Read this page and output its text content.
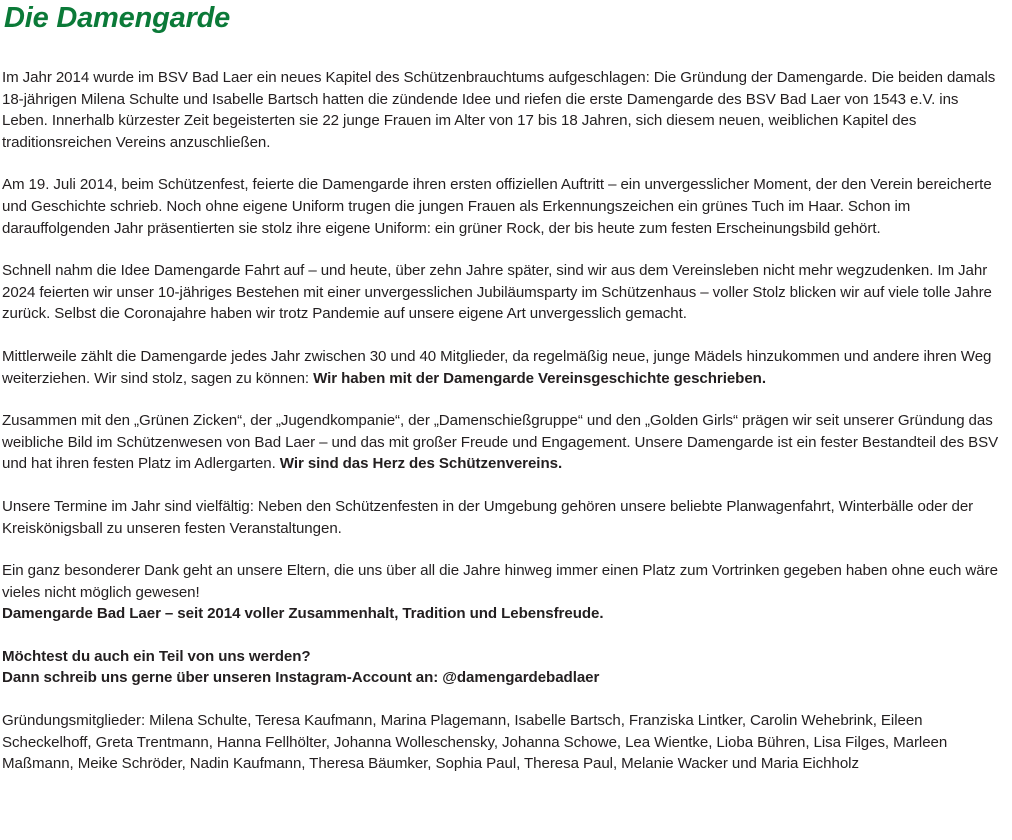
Die Damengarde

Im Jahr 2014 wurde im BSV Bad Laer ein neues Kapitel des Schützenbrauchtums aufgeschlagen: Die Gründung der Damengarde. Die beiden damals 18-jährigen Milena Schulte und Isabelle Bartsch hatten die zündende Idee und riefen die erste Damengarde des BSV Bad Laer von 1543 e.V. ins Leben. Innerhalb kürzester Zeit begeisterten sie 22 junge Frauen im Alter von 17 bis 18 Jahren, sich diesem neuen, weiblichen Kapitel des traditionsreichen Vereins anzuschließen.

Am 19. Juli 2014, beim Schützenfest, feierte die Damengarde ihren ersten offiziellen Auftritt – ein unvergesslicher Moment, der den Verein bereicherte und Geschichte schrieb. Noch ohne eigene Uniform trugen die jungen Frauen als Erkennungszeichen ein grünes Tuch im Haar. Schon im darauffolgenden Jahr präsentierten sie stolz ihre eigene Uniform: ein grüner Rock, der bis heute zum festen Erscheinungsbild gehört.

Schnell nahm die Idee Damengarde Fahrt auf – und heute, über zehn Jahre später, sind wir aus dem Vereinsleben nicht mehr wegzudenken. Im Jahr 2024 feierten wir unser 10-jähriges Bestehen mit einer unvergesslichen Jubiläumsparty im Schützenhaus – voller Stolz blicken wir auf viele tolle Jahre zurück. Selbst die Coronajahre haben wir trotz Pandemie auf unsere eigene Art unvergesslich gemacht.

Mittlerweile zählt die Damengarde jedes Jahr zwischen 30 und 40 Mitglieder, da regelmäßig neue, junge Mädels hinzukommen und andere ihren Weg weiterziehen. Wir sind stolz, sagen zu können: Wir haben mit der Damengarde Vereinsgeschichte geschrieben.

Zusammen mit den „Grünen Zicken“, der „Jugendkompanie“, der „Damenschießgruppe“ und den „Golden Girls“ prägen wir seit unserer Gründung das weibliche Bild im Schützenwesen von Bad Laer – und das mit großer Freude und Engagement. Unsere Damengarde ist ein fester Bestandteil des BSV und hat ihren festen Platz im Adlergarten. Wir sind das Herz des Schützenvereins.

Unsere Termine im Jahr sind vielfältig: Neben den Schützenfesten in der Umgebung gehören unsere beliebte Planwagenfahrt, Winterbälle oder der Kreiskönigsball zu unseren festen Veranstaltungen.

Ein ganz besonderer Dank geht an unsere Eltern, die uns über all die Jahre hinweg immer einen Platz zum Vortrinken gegeben haben ohne euch wäre vieles nicht möglich gewesen!
Damengarde Bad Laer – seit 2014 voller Zusammenhalt, Tradition und Lebensfreude.

Möchtest du auch ein Teil von uns werden?
Dann schreib uns gerne über unseren Instagram-Account an: @damengardebadlaer

Gründungsmitglieder: Milena Schulte, Teresa Kaufmann, Marina Plagemann, Isabelle Bartsch, Franziska Lintker, Carolin Wehebrink, Eileen Scheckelhoff, Greta Trentmann, Hanna Fellhölter, Johanna Wolleschensky, Johanna Schowe, Lea Wientke, Lioba Bühren, Lisa Filges, Marleen Maßmann, Meike Schröder, Nadin Kaufmann, Theresa Bäumker, Sophia Paul, Theresa Paul, Melanie Wacker und Maria Eichholz
